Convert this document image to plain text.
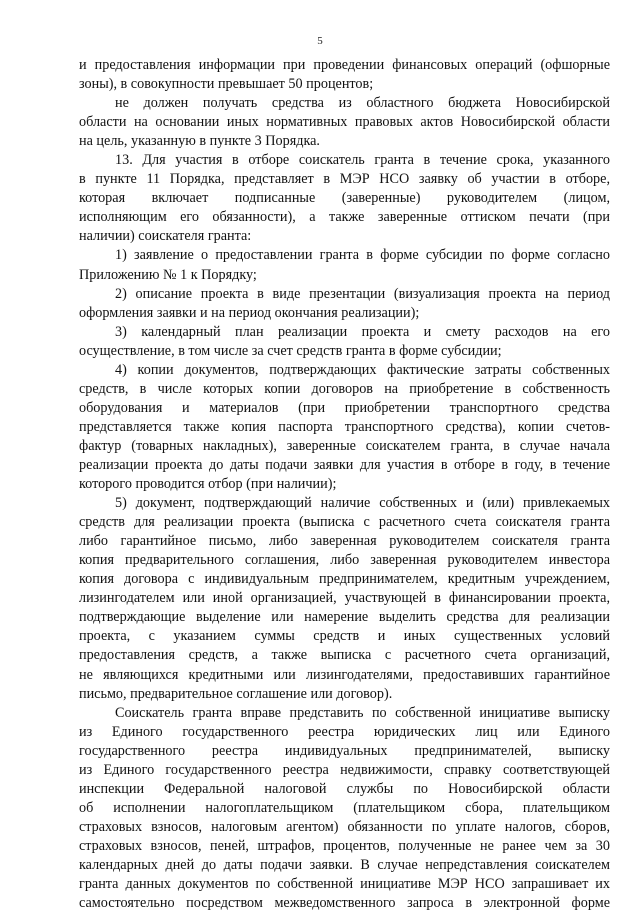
5
и предоставления информации при проведении финансовых операций (офшорные
зоны), в совокупности превышает 50 процентов;
не должен получать средства из областного бюджета Новосибирской
области на основании иных нормативных правовых актов Новосибирской области
на цель, указанную в пункте 3 Порядка.
13. Для участия в отборе соискатель гранта в течение срока, указанного
в пункте 11 Порядка, представляет в МЭР НСО заявку об участии в отборе,
которая включает подписанные (заверенные) руководителем (лицом,
исполняющим его обязанности), а также заверенные оттиском печати (при
наличии) соискателя гранта:
1) заявление о предоставлении гранта в форме субсидии по форме согласно
Приложению № 1 к Порядку;
2) описание проекта в виде презентации (визуализация проекта на период
оформления заявки и на период окончания реализации);
3) календарный план реализации проекта и смету расходов на его
осуществление, в том числе за счет средств гранта в форме субсидии;
4) копии документов, подтверждающих фактические затраты собственных
средств, в числе которых копии договоров на приобретение в собственность
оборудования и материалов (при приобретении транспортного средства
представляется также копия паспорта транспортного средства), копии счетов-
фактур (товарных накладных), заверенные соискателем гранта, в случае начала
реализации проекта до даты подачи заявки для участия в отборе в году, в течение
которого проводится отбор (при наличии);
5) документ, подтверждающий наличие собственных и (или) привлекаемых
средств для реализации проекта (выписка с расчетного счета соискателя гранта
либо гарантийное письмо, либо заверенная руководителем соискателя гранта
копия предварительного соглашения, либо заверенная руководителем инвестора
копия договора с индивидуальным предпринимателем, кредитным учреждением,
лизингодателем или иной организацией, участвующей в финансировании проекта,
подтверждающие выделение или намерение выделить средства для реализации
проекта, с указанием суммы средств и иных существенных условий
предоставления средств, а также выписка с расчетного счета организаций,
не являющихся кредитными или лизингодателями, предоставивших гарантийное
письмо, предварительное соглашение или договор).
Соискатель гранта вправе представить по собственной инициативе выписку
из Единого государственного реестра юридических лиц или Единого
государственного реестра индивидуальных предпринимателей, выписку
из Единого государственного реестра недвижимости, справку соответствующей
инспекции Федеральной налоговой службы по Новосибирской области
об исполнении налогоплательщиком (плательщиком сбора, плательщиком
страховых взносов, налоговым агентом) обязанности по уплате налогов, сборов,
страховых взносов, пеней, штрафов, процентов, полученные не ранее чем за 30
календарных дней до даты подачи заявки. В случае непредставления соискателем
гранта данных документов по собственной инициативе МЭР НСО запрашивает их
самостоятельно посредством межведомственного запроса в электронной форме
